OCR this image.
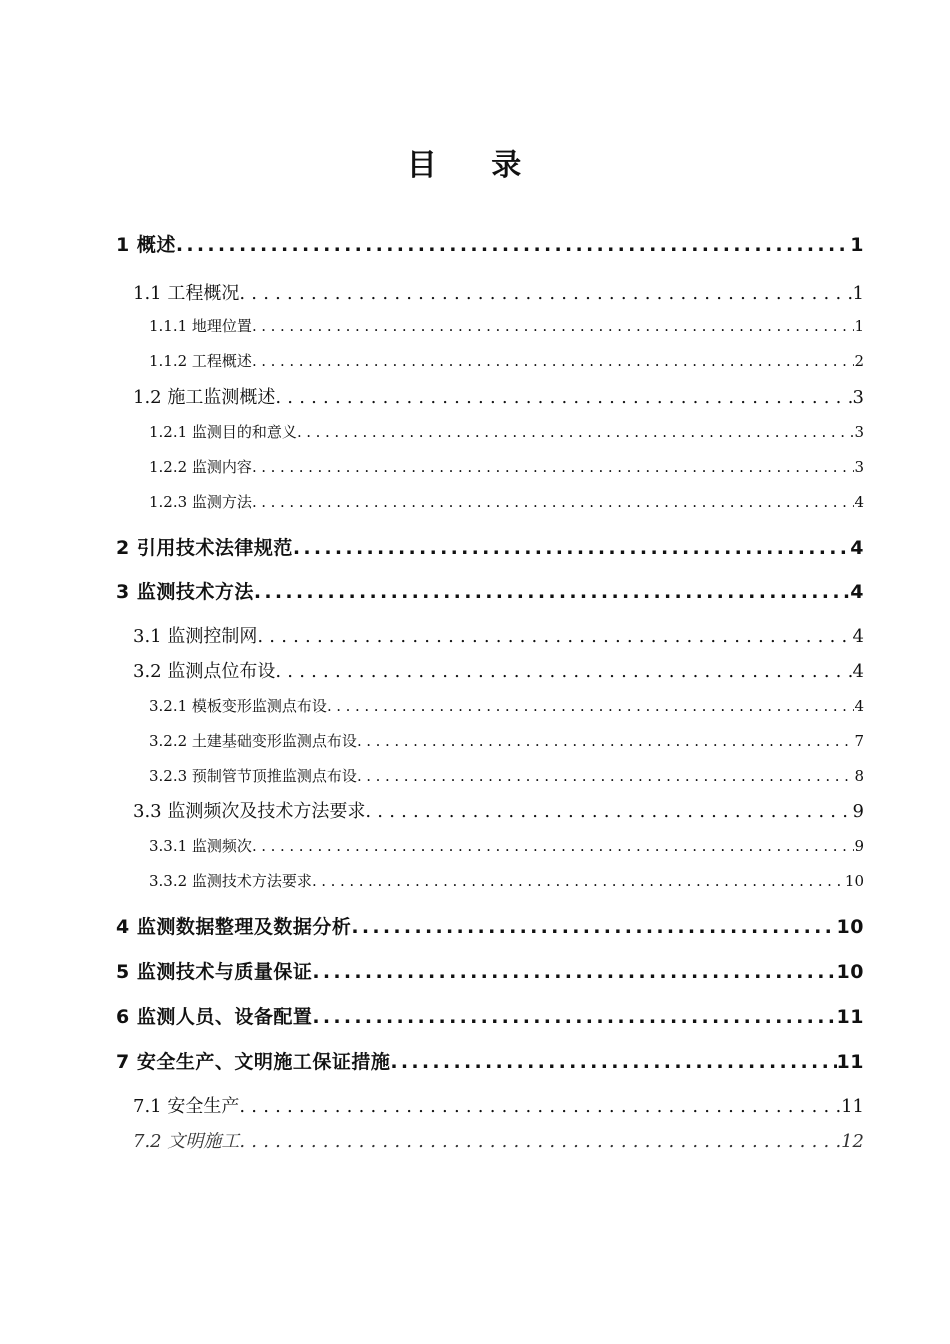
目 录
1 概述 .....	1
1.1 工程概况 .....	1
1.1.1 地理位置 .....	1
1.1.2 工程概述 .....	2
1.2 施工监测概述 .....	3
1.2.1 监测目的和意义 .....	3
1.2.2 监测内容 .....	3
1.2.3 监测方法 .....	4
2 引用技术法律规范 .....	4
3 监测技术方法 .....	4
3.1 监测控制网 .....	4
3.2 监测点位布设 .....	4
3.2.1 模板变形监测点布设 .....	4
3.2.2 土建基础变形监测点布设 .....	7
3.2.3 预制管节顶推监测点布设 .....	8
3.3 监测频次及技术方法要求 .....	9
3.3.1 监测频次 .....	9
3.3.2 监测技术方法要求 .....	10
4 监测数据整理及数据分析 .....	10
5 监测技术与质量保证 .....	10
6 监测人员、设备配置 .....	11
7 安全生产、文明施工保证措施 .....	11
7.1 安全生产 .....	11
7.2 文明施工 .....	12
